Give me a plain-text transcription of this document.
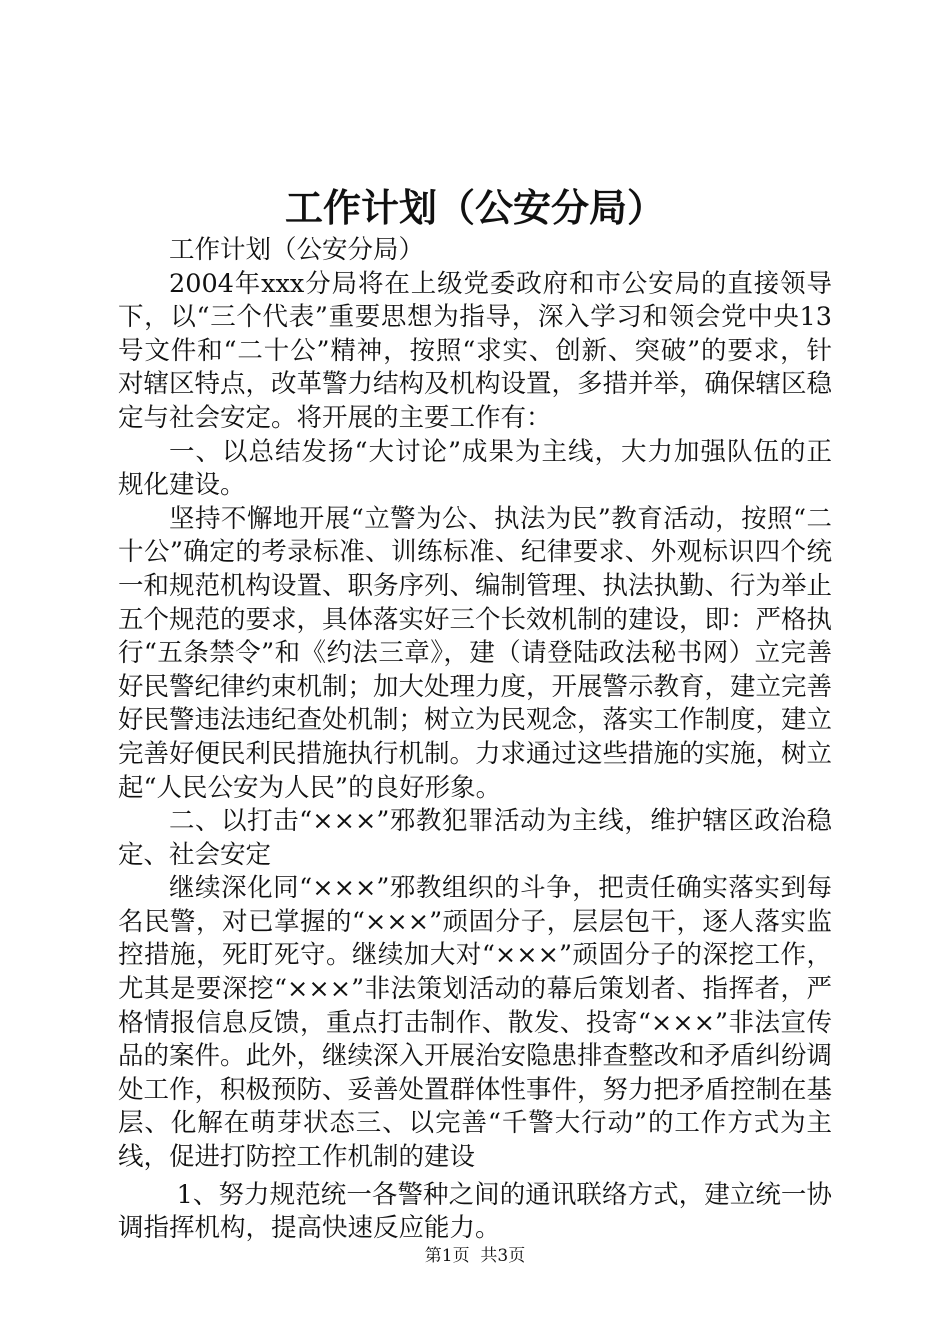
工作计划（公安分局）

工作计划（公安分局）

2004年xxx分局将在上级党委政府和市公安局的直接领导下，以“三个代表”重要思想为指导，深入学习和领会党中央13号文件和“二十公”精神，按照“求实、创新、突破”的要求，针对辖区特点，改革警力结构及机构设置，多措并举，确保辖区稳定与社会安定。将开展的主要工作有：

一、以总结发扬“大讨论”成果为主线，大力加强队伍的正规化建设。

坚持不懈地开展“立警为公、执法为民”教育活动，按照“二十公”确定的考录标准、训练标准、纪律要求、外观标识四个统一和规范机构设置、职务序列、编制管理、执法执勤、行为举止五个规范的要求，具体落实好三个长效机制的建设，即：严格执行“五条禁令”和《约法三章》，建（请登陆政法秘书网）立完善好民警纪律约束机制；加大处理力度，开展警示教育，建立完善好民警违法违纪查处机制；树立为民观念，落实工作制度，建立完善好便民利民措施执行机制。力求通过这些措施的实施，树立起“人民公安为人民”的良好形象。

二、以打击“×××”邪教犯罪活动为主线，维护辖区政治稳定、社会安定

继续深化同“×××”邪教组织的斗争，把责任确实落实到每名民警，对已掌握的“×××”顽固分子，层层包干，逐人落实监控措施，死盯死守。继续加大对“×××”顽固分子的深挖工作，尤其是要深挖“×××”非法策划活动的幕后策划者、指挥者，严格情报信息反馈，重点打击制作、散发、投寄“×××”非法宣传品的案件。此外，继续深入开展治安隐患排查整改和矛盾纠纷调处工作，积极预防、妥善处置群体性事件，努力把矛盾控制在基层、化解在萌芽状态三、以完善“千警大行动”的工作方式为主线，促进打防控工作机制的建设

1、努力规范统一各警种之间的通讯联络方式，建立统一协调指挥机构，提高快速反应能力。

第1页 共3页
